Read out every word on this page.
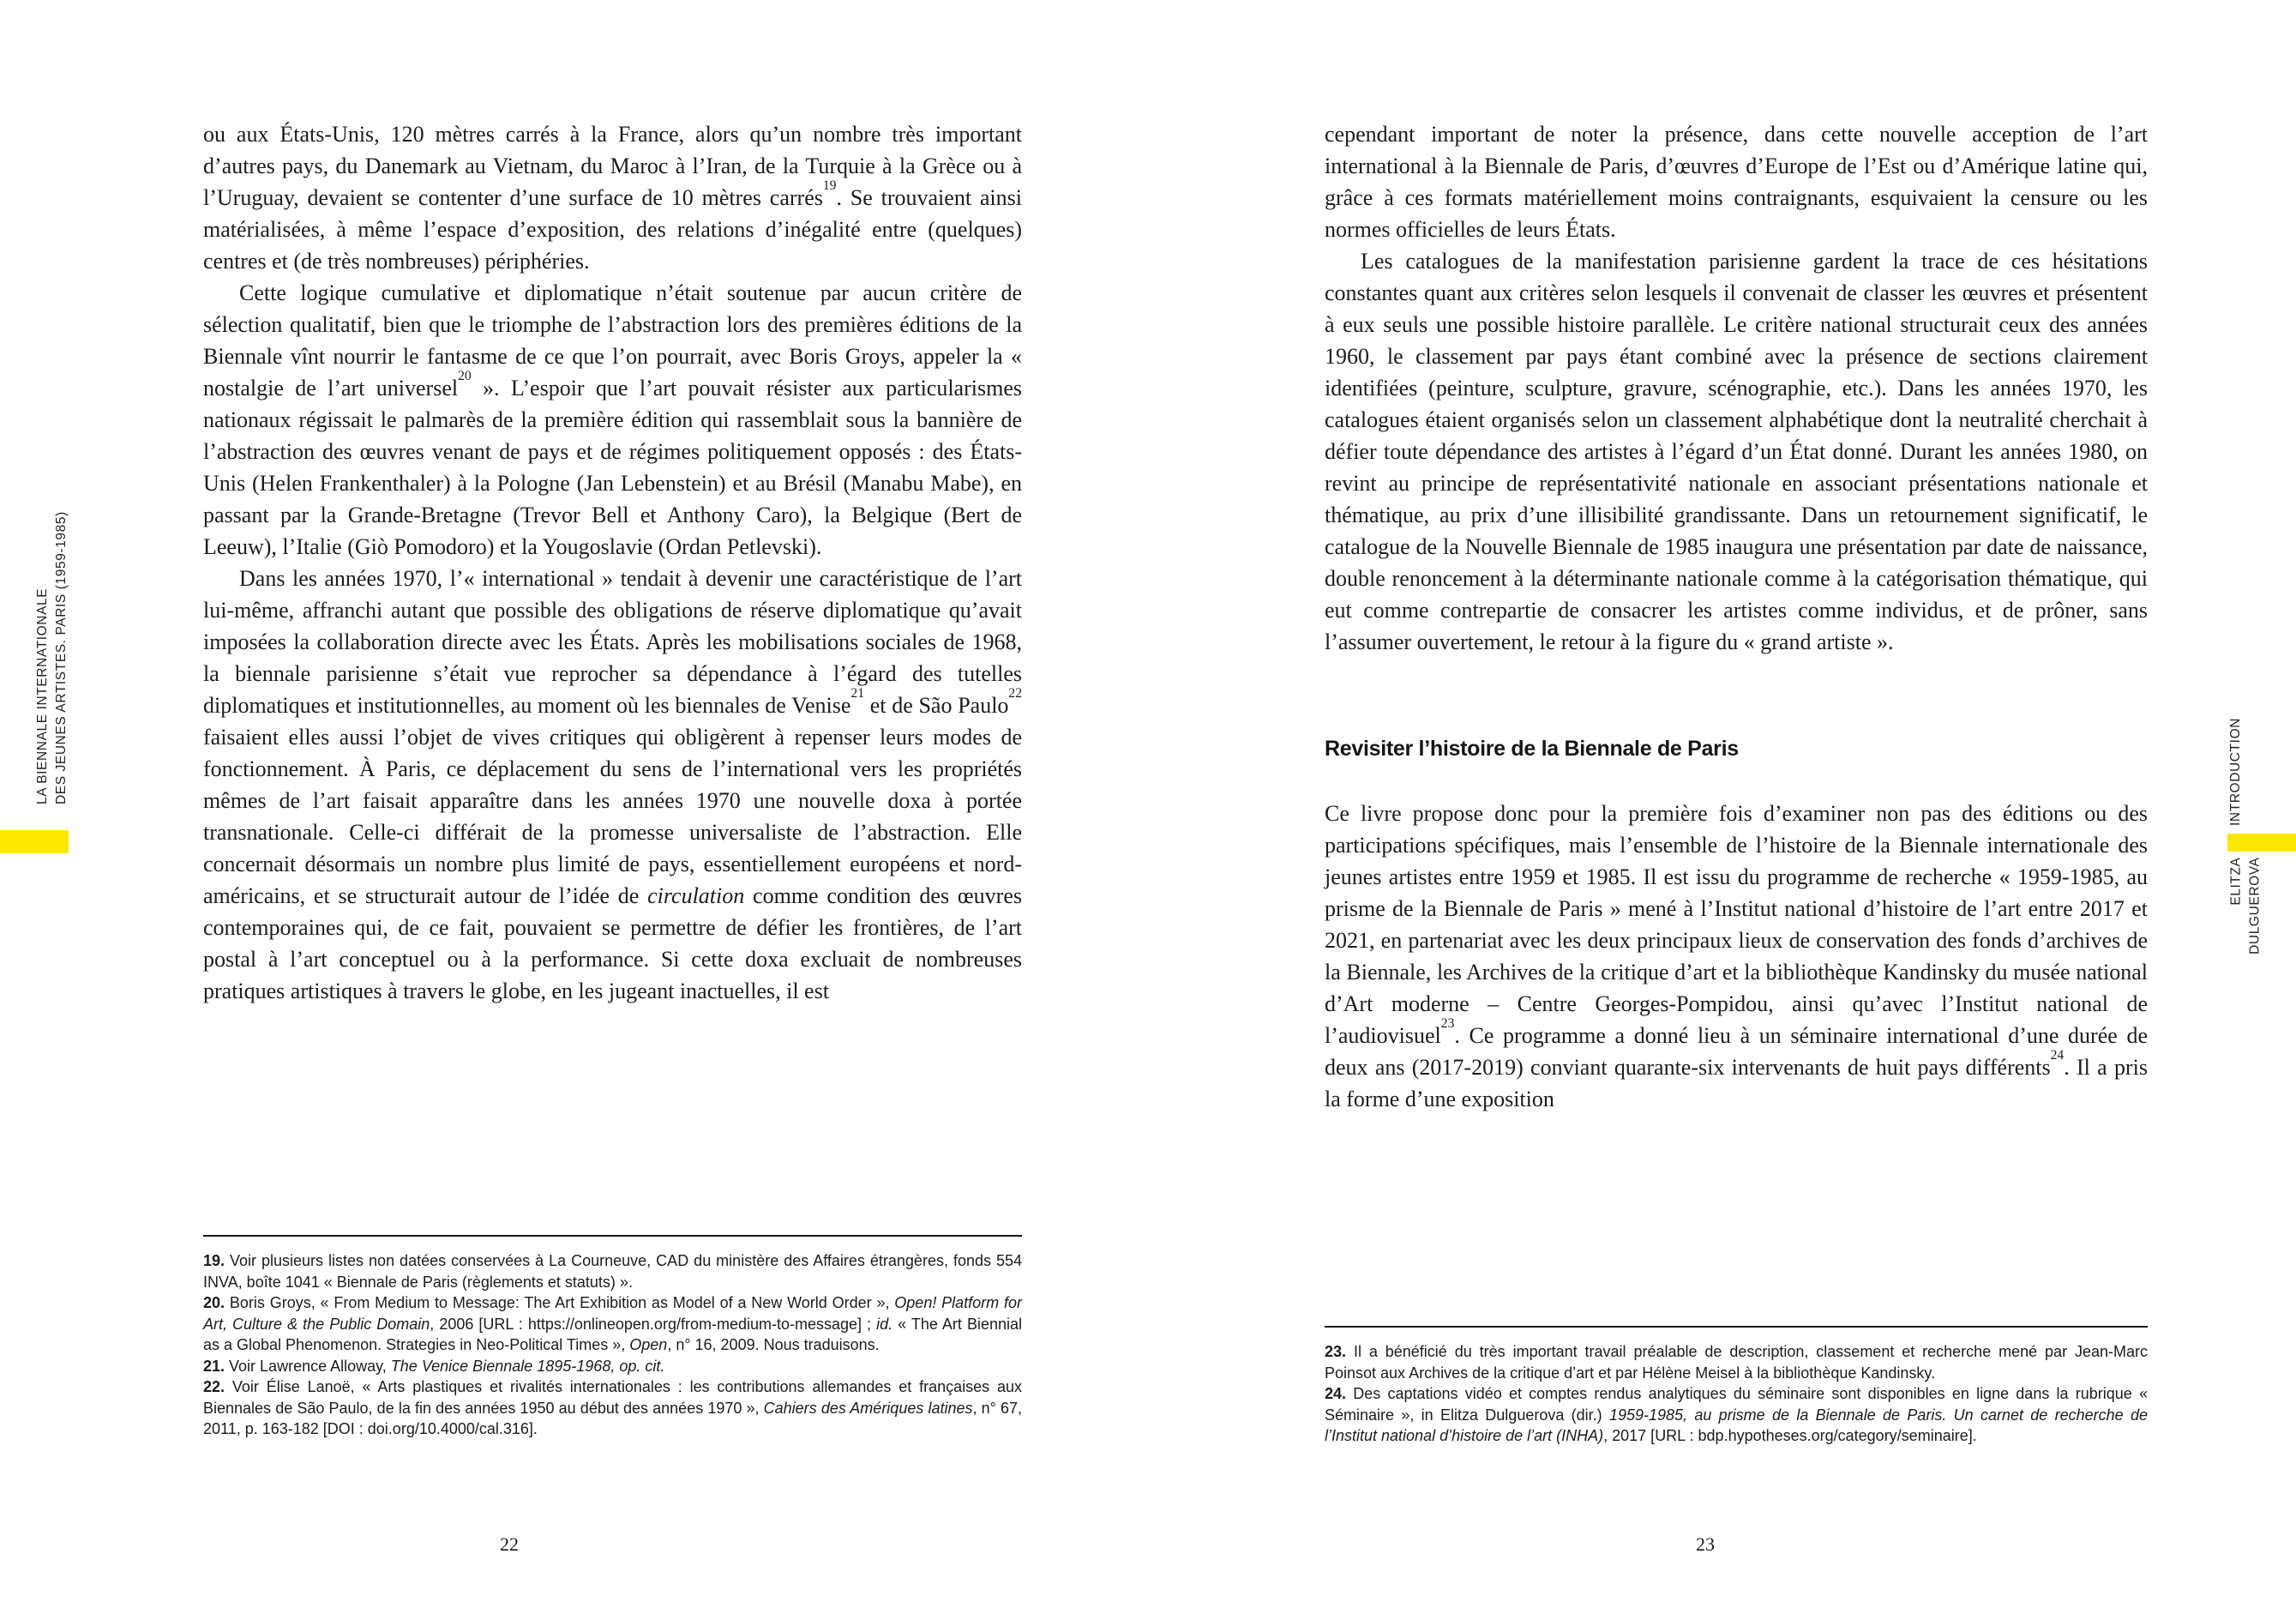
LA BIENNALE INTERNATIONALE DES JEUNES ARTISTES. PARIS (1959-1985)

ou aux États-Unis, 120 mètres carrés à la France, alors qu’un nombre très important d’autres pays, du Danemark au Vietnam, du Maroc à l’Iran, de la Turquie à la Grèce ou à l’Uruguay, devaient se contenter d’une surface de 10 mètres carrés$^{19}$. Se trouvaient ainsi matérialisées, à même l’espace d’exposition, des relations d’inégalité entre (quelques) centres et (de très nombreuses) périphéries.

Cette logique cumulative et diplomatique n’était soutenue par aucun critère de sélection qualitatif, bien que le triomphe de l’abstraction lors des premières éditions de la Biennale vînt nourrir le fantasme de ce que l’on pourrait, avec Boris Groys, appeler la « nostalgie de l’art universel$^{20}$ ». L’espoir que l’art pouvait résister aux particularismes nationaux régissait le palmarès de la première édition qui rassemblait sous la bannière de l’abstraction des œuvres venant de pays et de régimes politiquement opposés : des États-Unis (Helen Frankenthaler) à la Pologne (Jan Lebenstein) et au Brésil (Manabu Mabe), en passant par la Grande-Bretagne (Trevor Bell et Anthony Caro), la Belgique (Bert de Leeuw), l’Italie (Giò Pomodoro) et la Yougoslavie (Ordan Petlevski).

Dans les années 1970, l’« international » tendait à devenir une caractéristique de l’art lui-même, affranchi autant que possible des obligations de réserve diplomatique qu’avait imposées la collaboration directe avec les États. Après les mobilisations sociales de 1968, la biennale parisienne s’était vue reprocher sa dépendance à l’égard des tutelles diplomatiques et institutionnelles, au moment où les biennales de Venise$^{21}$ et de São Paulo$^{22}$ faisaient elles aussi l’objet de vives critiques qui obligèrent à repenser leurs modes de fonctionnement. À Paris, ce déplacement du sens de l’international vers les propriétés mêmes de l’art faisait apparaître dans les années 1970 une nouvelle doxa à portée transnationale. Celle-ci différait de la promesse universaliste de l’abstraction. Elle concernait désormais un nombre plus limité de pays, essentiellement européens et nord-américains, et se structurait autour de l’idée de circulation comme condition des œuvres contemporaines qui, de ce fait, pouvaient se permettre de défier les frontières, de l’art postal à l’art conceptuel ou à la performance. Si cette doxa excluait de nombreuses pratiques artistiques à travers le globe, en les jugeant inactuelles, il est

19. Voir plusieurs listes non datées conservées à La Courneuve, CAD du ministère des Affaires étrangères, fonds 554 INVA, boîte 1041 « Biennale de Paris (règlements et statuts) ».

20. Boris Groys, « From Medium to Message: The Art Exhibition as Model of a New World Order », Open! Platform for Art, Culture & the Public Domain, 2006 [URL : https://onlineopen.org/from-medium-to-message] ; id. « The Art Biennial as a Global Phenomenon. Strategies in Neo-Political Times », Open, n° 16, 2009. Nous traduisons.

21. Voir Lawrence Alloway, The Venice Biennale 1895-1968, op. cit.

22. Voir Élise Lanoë, « Arts plastiques et rivalités internationales : les contributions allemandes et françaises aux Biennales de São Paulo, de la fin des années 1950 au début des années 1970 », Cahiers des Amériques latines, n° 67, 2011, p. 163-182 [DOI : doi.org/10.4000/cal.316].

cependant important de noter la présence, dans cette nouvelle acception de l’art international à la Biennale de Paris, d’œuvres d’Europe de l’Est ou d’Amérique latine qui, grâce à ces formats matériellement moins contraignants, esquivaient la censure ou les normes officielles de leurs États.

Les catalogues de la manifestation parisienne gardent la trace de ces hésitations constantes quant aux critères selon lesquels il convenait de classer les œuvres et présentent à eux seuls une possible histoire parallèle. Le critère national structurait ceux des années 1960, le classement par pays étant combiné avec la présence de sections clairement identifiées (peinture, sculpture, gravure, scénographie, etc.). Dans les années 1970, les catalogues étaient organisés selon un classement alphabétique dont la neutralité cherchait à défier toute dépendance des artistes à l’égard d’un État donné. Durant les années 1980, on revint au principe de représentativité nationale en associant présentations nationale et thématique, au prix d’une illisibilité grandissante. Dans un retournement significatif, le catalogue de la Nouvelle Biennale de 1985 inaugura une présentation par date de naissance, double renoncement à la déterminante nationale comme à la catégorisation thématique, qui eut comme contrepartie de consacrer les artistes comme individus, et de prôner, sans l’assumer ouvertement, le retour à la figure du « grand artiste ».

Revisiter l’histoire de la Biennale de Paris

Ce livre propose donc pour la première fois d’examiner non pas des éditions ou des participations spécifiques, mais l’ensemble de l’histoire de la Biennale internationale des jeunes artistes entre 1959 et 1985. Il est issu du programme de recherche « 1959-1985, au prisme de la Biennale de Paris » mené à l’Institut national d’histoire de l’art entre 2017 et 2021, en partenariat avec les deux principaux lieux de conservation des fonds d’archives de la Biennale, les Archives de la critique d’art et la bibliothèque Kandinsky du musée national d’Art moderne – Centre Georges-Pompidou, ainsi qu’avec l’Institut national de l’audiovisuel$^{23}$. Ce programme a donné lieu à un séminaire international d’une durée de deux ans (2017-2019) conviant quarante-six intervenants de huit pays différents$^{24}$. Il a pris la forme d’une exposition

23. Il a bénéficié du très important travail préalable de description, classement et recherche mené par Jean-Marc Poinsot aux Archives de la critique d’art et par Hélène Meisel à la bibliothèque Kandinsky.

24. Des captations vidéo et comptes rendus analytiques du séminaire sont disponibles en ligne dans la rubrique « Séminaire », in Elitza Dulguerova (dir.) 1959-1985, au prisme de la Biennale de Paris. Un carnet de recherche de l’Institut national d’histoire de l’art (INHA), 2017 [URL : bdp.hypotheses.org/category/seminaire].

INTRODUCTION
ELITZA DULGUEROVA
22	23
